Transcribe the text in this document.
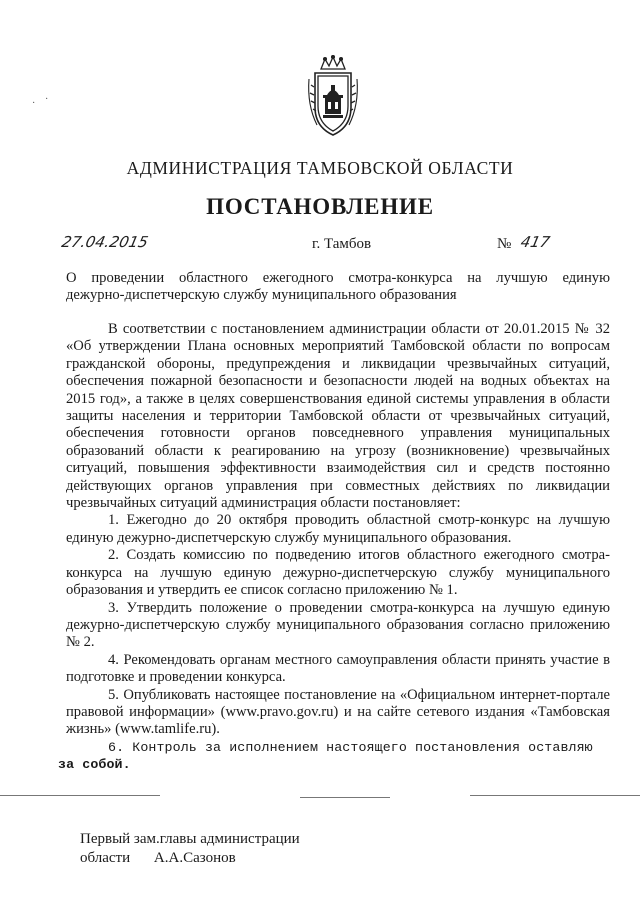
· ·
АДМИНИСТРАЦИЯ ТАМБОВСКОЙ ОБЛАСТИ
ПОСТАНОВЛЕНИЕ
27.04.2015	г. Тамбов	№ 417
О проведении областного ежегодного смотра-конкурса на лучшую единую
дежурно-диспетчерскую службу муниципального образования

В соответствии с постановлением администрации области от 20.01.2015 № 32 «Об утверждении Плана основных мероприятий Тамбовской области по вопросам гражданской обороны, предупреждения и ликвидации чрезвычайных ситуаций, обеспечения пожарной безопасности и безопасности людей на водных объектах на 2015 год», а также в целях совершенствования единой системы управления в области защиты населения и территории Тамбовской области от чрезвычайных ситуаций, обеспечения готовности органов повседневного управления муниципальных образований области к реагированию на угрозу (возникновение) чрезвычайных ситуаций, повышения эффективности взаимодействия сил и средств постоянно действующих органов управления при совместных действиях по ликвидации чрезвычайных ситуаций администрация области постановляет:

1. Ежегодно до 20 октября проводить областной смотр-конкурс на лучшую единую дежурно-диспетчерскую службу муниципального образования.

2. Создать комиссию по подведению итогов областного ежегодного смотра-конкурса на лучшую единую дежурно-диспетчерскую службу муниципального образования и утвердить ее список согласно приложению № 1.

3. Утвердить положение о проведении смотра-конкурса на лучшую единую дежурно-диспетчерскую службу муниципального образования согласно приложению № 2.

4. Рекомендовать органам местного самоуправления области принять участие в подготовке и проведении конкурса.

5. Опубликовать настоящее постановление на «Официальном интернет-портале правовой информации» (www.pravo.gov.ru) и на сайте сетевого издания «Тамбовская жизнь» (www.tamlife.ru).

6. Контроль за исполнением настоящего постановления оставляю
за собой.
Первый зам.главы администрации
области А.А.Сазонов
